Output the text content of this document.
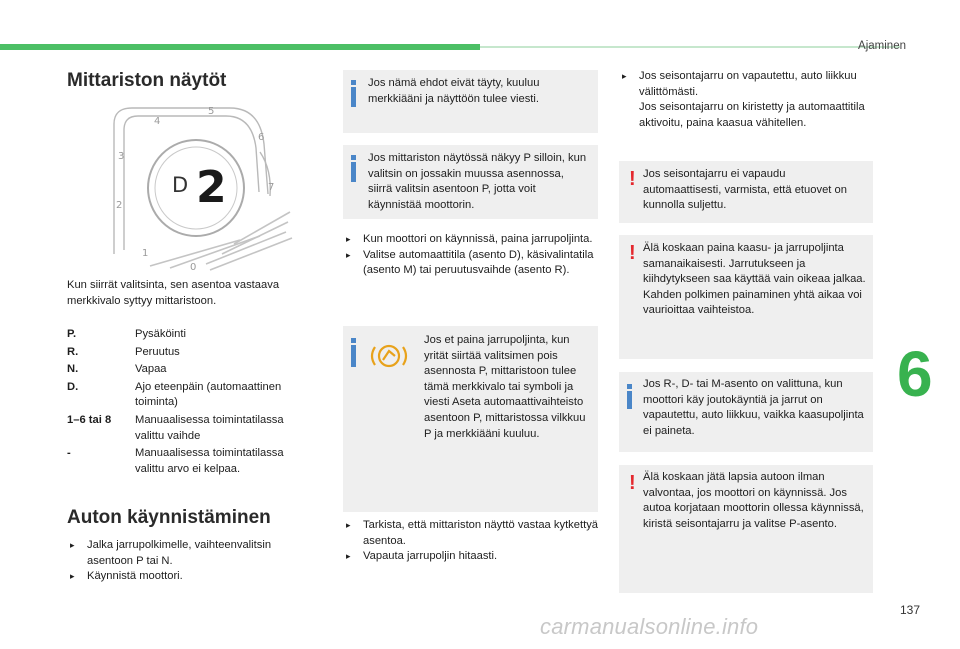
Ajaminen
6
Mittariston näytöt
4
5
6
3
7
2
1
0
D 2
Kun siirrät valitsinta, sen asentoa vastaava merkkivalo syttyy mittaristoon.
P.	Pysäköinti
R.	Peruutus
N.	Vapaa
D.	Ajo eteenpäin (automaattinen toiminta)
1–6 tai 8	Manuaalisessa toimintatilassa valittu vaihde
-	Manuaalisessa toimintatilassa valittu arvo ei kelpaa.
Auton käynnistäminen
▸ Jalka jarrupolkimelle, vaihteenvalitsin asentoon P tai N.
▸ Käynnistä moottori.
Jos nämä ehdot eivät täyty, kuuluu merkkiääni ja näyttöön tulee viesti.
Jos mittariston näytössä näkyy P silloin, kun valitsin on jossakin muussa asennossa, siirrä valitsin asentoon P, jotta voit käynnistää moottorin.
▸ Kun moottori on käynnissä, paina jarrupoljinta.
▸ Valitse automaattitila (asento D), käsivalintatila (asento M) tai peruutusvaihde (asento R).
Jos et paina jarrupoljinta, kun yrität siirtää valitsimen pois asennosta P, mittaristoon tulee tämä merkkivalo tai symboli ja viesti Aseta automaattivaihteisto asentoon P, mittaristossa vilkkuu P ja merkkiääni kuuluu.
▸ Tarkista, että mittariston näyttö vastaa kytkettyä asentoa.
▸ Vapauta jarrupoljin hitaasti.
▸ Jos seisontajarru on vapautettu, auto liikkuu välittömästi.
Jos seisontajarru on kiristetty ja automaattitila aktivoitu, paina kaasua vähitellen.
! Jos seisontajarru ei vapaudu automaattisesti, varmista, että etuovet on kunnolla suljettu.
! Älä koskaan paina kaasu- ja jarrupoljinta samanaikaisesti. Jarrutukseen ja kiihdytykseen saa käyttää vain oikeaa jalkaa. Kahden polkimen painaminen yhtä aikaa voi vaurioittaa vaihteistoa.
Jos R-, D- tai M-asento on valittuna, kun moottori käy joutokäyntiä ja jarrut on vapautettu, auto liikkuu, vaikka kaasupoljinta ei paineta.
! Älä koskaan jätä lapsia autoon ilman valvontaa, jos moottori on käynnissä. Jos autoa korjataan moottorin ollessa käynnissä, kiristä seisontajarru ja valitse P-asento.
137
carmanualsonline.info
